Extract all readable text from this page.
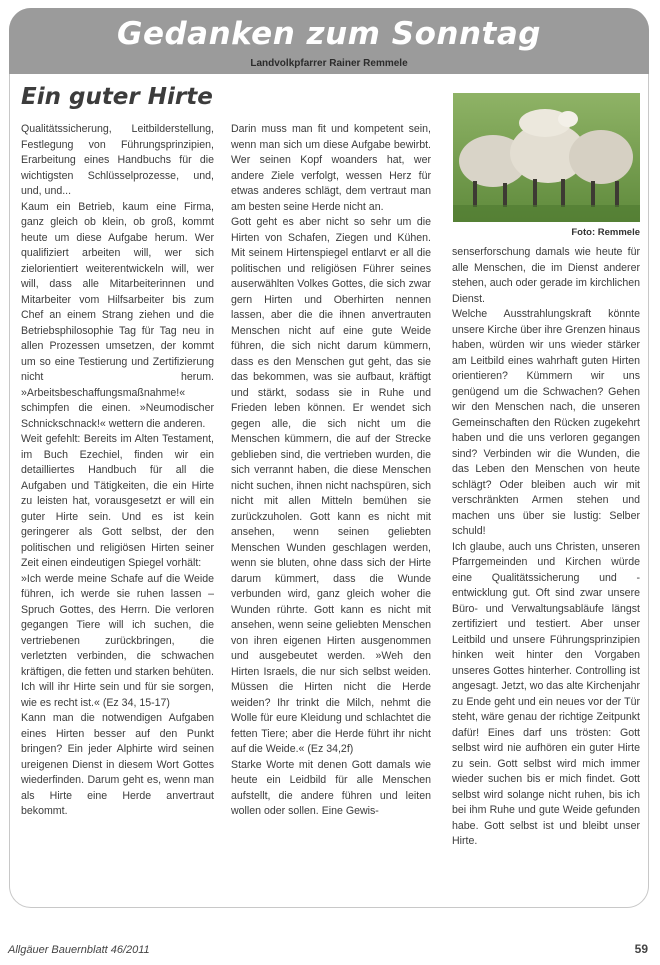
Gedanken zum Sonntag
Landvolkpfarrer Rainer Remmele
Ein guter Hirte

Qualitätssicherung, Leitbilderstellung, Festlegung von Führungsprinzipien, Erarbeitung eines Handbuchs für die wichtigsten Schlüsselprozesse, und, und, und...

Kaum ein Betrieb, kaum eine Firma, ganz gleich ob klein, ob groß, kommt heute um diese Aufgabe herum. Wer qualifiziert arbeiten will, wer sich zielorientiert weiterentwickeln will, wer will, dass alle Mitarbeiterinnen und Mitarbeiter vom Hilfsarbeiter bis zum Chef an einem Strang ziehen und die Betriebsphilosophie Tag für Tag neu in allen Prozessen umsetzen, der kommt um so eine Testierung und Zertifizierung nicht herum. »Arbeitsbeschaffungsmaßnahme!« schimpfen die einen. »Neumodischer Schnickschnack!« wettern die anderen.

Weit gefehlt: Bereits im Alten Testament, im Buch Ezechiel, finden wir ein detailliertes Handbuch für all die Aufgaben und Tätigkeiten, die ein Hirte zu leisten hat, vorausgesetzt er will ein guter Hirte sein. Und es ist kein geringerer als Gott selbst, der den politischen und religiösen Hirten seiner Zeit einen eindeutigen Spiegel vorhält:

»Ich werde meine Schafe auf die Weide führen, ich werde sie ruhen lassen – Spruch Gottes, des Herrn. Die verloren gegangen Tiere will ich suchen, die vertriebenen zurückbringen, die verletzten verbinden, die schwachen kräftigen, die fetten und starken behüten. Ich will ihr Hirte sein und für sie sorgen, wie es recht ist.« (Ez 34, 15-17)

Kann man die notwendigen Aufgaben eines Hirten besser auf den Punkt bringen? Ein jeder Alphirte wird seinen ureigenen Dienst in diesem Wort Gottes wiederfinden. Darum geht es, wenn man als Hirte eine Herde anvertraut bekommt.

Darin muss man fit und kompetent sein, wenn man sich um diese Aufgabe bewirbt. Wer seinen Kopf woanders hat, wer andere Ziele verfolgt, wessen Herz für etwas anderes schlägt, dem vertraut man am besten seine Herde nicht an.

Gott geht es aber nicht so sehr um die Hirten von Schafen, Ziegen und Kühen. Mit seinem Hirtenspiegel entlarvt er all die politischen und religiösen Führer seines auserwählten Volkes Gottes, die sich zwar gern Hirten und Oberhirten nennen lassen, aber die die ihnen anvertrauten Menschen nicht auf eine gute Weide führen, die sich nicht darum kümmern, dass es den Menschen gut geht, das sie das bekommen, was sie aufbaut, kräftigt und stärkt, sodass sie in Ruhe und Frieden leben können. Er wendet sich gegen alle, die sich nicht um die Menschen kümmern, die auf der Strecke geblieben sind, die vertrieben wurden, die sich verrannt haben, die diese Menschen nicht suchen, ihnen nicht nachspüren, sich nicht mit allen Mitteln bemühen sie zurückzuholen. Gott kann es nicht mit ansehen, wenn seinen geliebten Menschen Wunden geschlagen werden, wenn sie bluten, ohne dass sich der Hirte darum kümmert, dass die Wunde verbunden wird, ganz gleich woher die Wunden rührte. Gott kann es nicht mit ansehen, wenn seine geliebten Menschen von ihren eigenen Hirten ausgenommen und ausgebeutet werden. »Weh den Hirten Israels, die nur sich selbst weiden. Müssen die Hirten nicht die Herde weiden? Ihr trinkt die Milch, nehmt die Wolle für eure Kleidung und schlachtet die fetten Tiere; aber die Herde führt ihr nicht auf die Weide.« (Ez 34,2f)

Starke Worte mit denen Gott damals wie heute ein Leidbild für alle Menschen aufstellt, die andere führen und leiten wollen oder sollen. Eine Gewis-

Foto: Remmele

senserforschung damals wie heute für alle Menschen, die im Dienst anderer stehen, auch oder gerade im kirchlichen Dienst.

Welche Ausstrahlungskraft könnte unsere Kirche über ihre Grenzen hinaus haben, würden wir uns wieder stärker am Leitbild eines wahrhaft guten Hirten orientieren? Kümmern wir uns genügend um die Schwachen? Gehen wir den Menschen nach, die unseren Gemeinschaften den Rücken zugekehrt haben und die uns verloren gegangen sind? Verbinden wir die Wunden, die das Leben den Menschen von heute schlägt? Oder bleiben auch wir mit verschränkten Armen stehen und machen uns über sie lustig: Selber schuld!

Ich glaube, auch uns Christen, unseren Pfarrgemeinden und Kirchen würde eine Qualitätssicherung und -entwicklung gut. Oft sind zwar unsere Büro- und Verwaltungsabläufe längst zertifiziert und testiert. Aber unser Leitbild und unsere Führungsprinzipien hinken weit hinter den Vorgaben unseres Gottes hinterher. Controlling ist angesagt. Jetzt, wo das alte Kirchenjahr zu Ende geht und ein neues vor der Tür steht, wäre genau der richtige Zeitpunkt dafür! Eines darf uns trösten: Gott selbst wird nie aufhören ein guter Hirte zu sein. Gott selbst wird mich immer wieder suchen bis er mich findet. Gott selbst wird solange nicht ruhen, bis ich bei ihm Ruhe und gute Weide gefunden habe. Gott selbst ist und bleibt unser Hirte.

Allgäuer Bauernblatt 46/2011	59
